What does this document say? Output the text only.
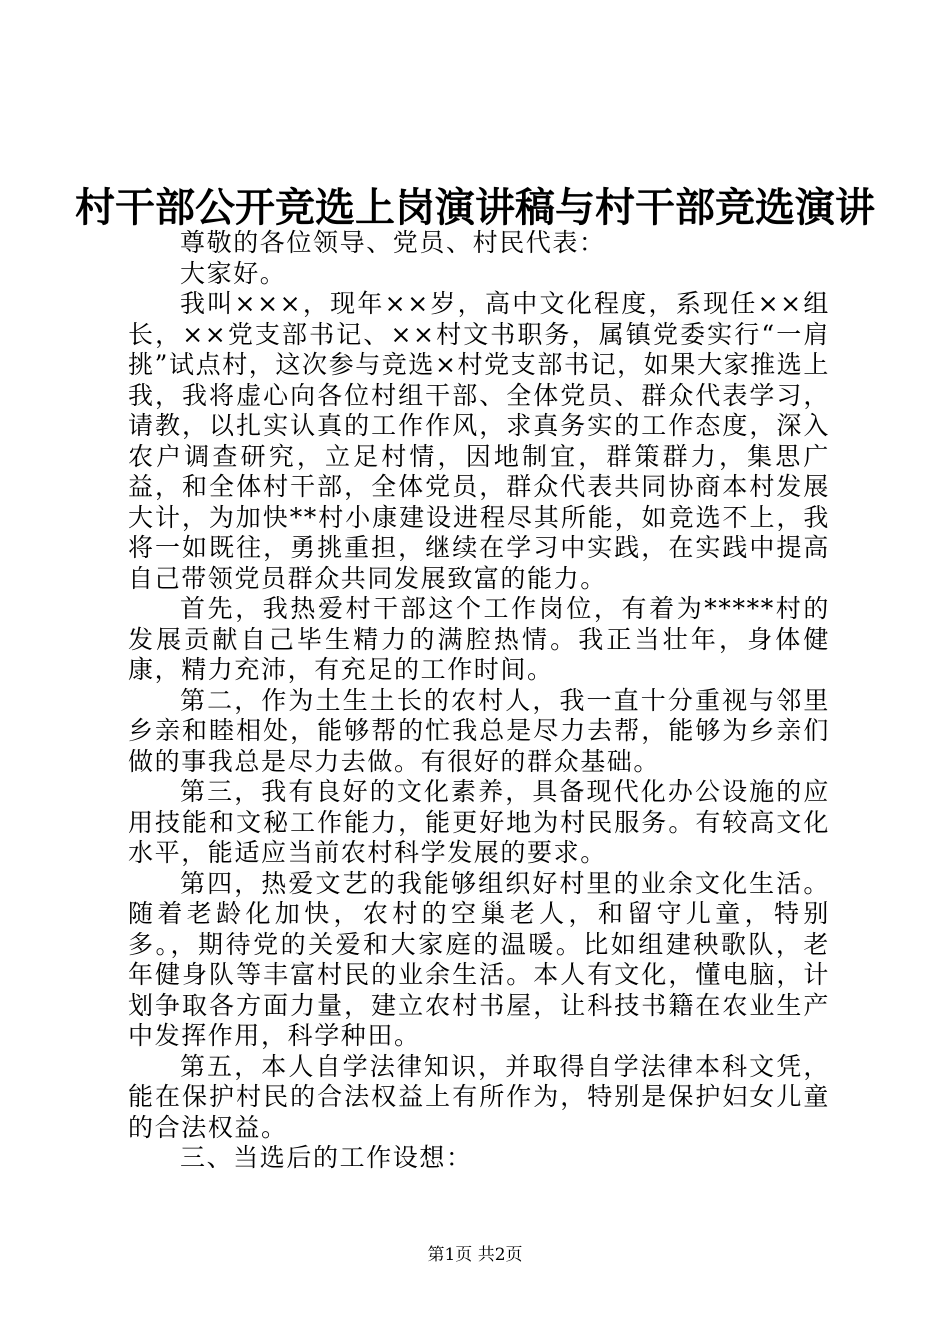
村干部公开竞选上岗演讲稿与村干部竞选演讲

尊敬的各位领导、党员、村民代表：

大家好。

我叫×××，现年××岁，高中文化程度，系现任××组长，××党支部书记、××村文书职务，属镇党委实行“一肩挑”试点村，这次参与竞选×村党支部书记，如果大家推选上我，我将虚心向各位村组干部、全体党员、群众代表学习，请教，以扎实认真的工作作风，求真务实的工作态度，深入农户调查研究，立足村情，因地制宜，群策群力，集思广益，和全体村干部，全体党员，群众代表共同协商本村发展大计，为加快**村小康建设进程尽其所能，如竞选不上，我将一如既往，勇挑重担，继续在学习中实践，在实践中提高自己带领党员群众共同发展致富的能力。

首先，我热爱村干部这个工作岗位，有着为*****村的发展贡献自己毕生精力的满腔热情。我正当壮年，身体健康，精力充沛，有充足的工作时间。

第二，作为土生土长的农村人，我一直十分重视与邻里乡亲和睦相处，能够帮的忙我总是尽力去帮，能够为乡亲们做的事我总是尽力去做。有很好的群众基础。

第三，我有良好的文化素养，具备现代化办公设施的应用技能和文秘工作能力，能更好地为村民服务。有较高文化水平，能适应当前农村科学发展的要求。

第四，热爱文艺的我能够组织好村里的业余文化生活。随着老龄化加快，农村的空巢老人，和留守儿童，特别多。，期待党的关爱和大家庭的温暖。比如组建秧歌队，老年健身队等丰富村民的业余生活。本人有文化，懂电脑，计划争取各方面力量，建立农村书屋，让科技书籍在农业生产中发挥作用，科学种田。

第五，本人自学法律知识，并取得自学法律本科文凭，能在保护村民的合法权益上有所作为，特别是保护妇女儿童的合法权益。

三、当选后的工作设想：

第1页 共2页
